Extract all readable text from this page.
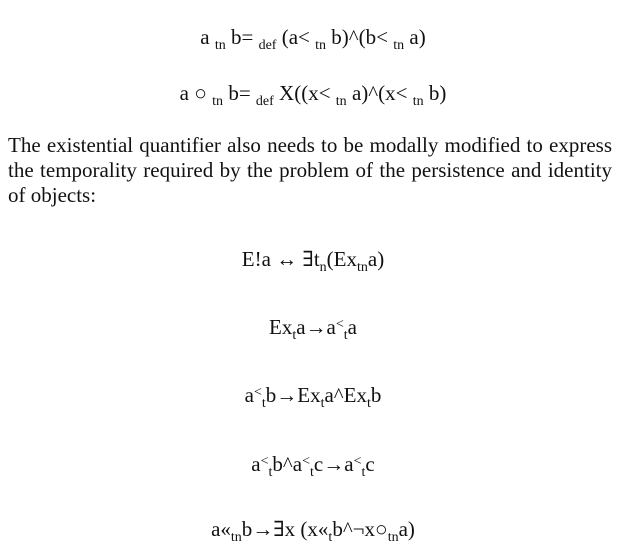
a $_{tn}$ b= $_{def}$ (a< $_{tn}$ b)^(b< $_{tn}$ a)
a ○ $_{tn}$ b= $_{def}$ X((x< $_{tn}$ a)^(x< $_{tn}$ b)

The existential quantifier also needs to be modally modified to express the temporality required by the problem of the persistence and identity of objects:

E!a ↔ $\exists t_n(Ex_{tn}a)$
$Ex_ta\to a^<_ta$
$a^<_tb\to Ex_ta\^{}Ex_tb$
$a^<_tb\^{}a^<_tc\to a^<_tc$
$a«_{tn}b\to\exists x$ $(x«_tb\^{}\neg x○_{tn}a)$
